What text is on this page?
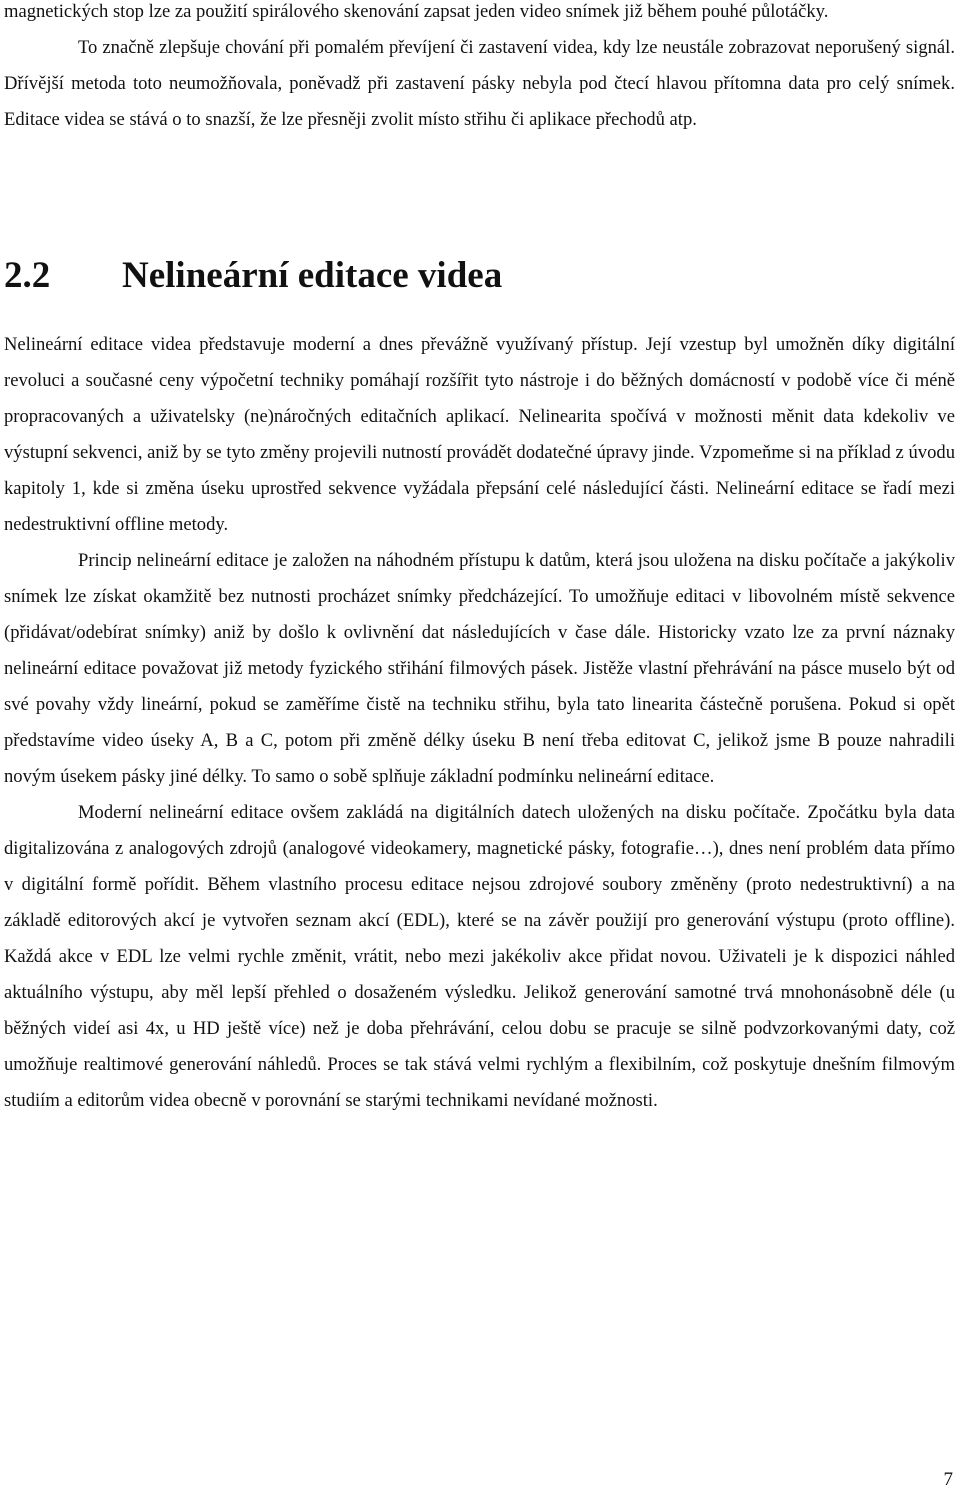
magnetických stop lze za použití spirálového skenování zapsat jeden video snímek již během pouhé půlotáčky.

To značně zlepšuje chování při pomalém převíjení či zastavení videa, kdy lze neustále zobrazovat neporušený signál. Dřívější metoda toto neumožňovala, poněvadž při zastavení pásky nebyla pod čtecí hlavou přítomna data pro celý snímek. Editace videa se stává o to snazší, že lze přesněji zvolit místo střihu či aplikace přechodů atp.

2.2 Nelineární editace videa

Nelineární editace videa představuje moderní a dnes převážně využívaný přístup. Její vzestup byl umožněn díky digitální revoluci a současné ceny výpočetní techniky pomáhají rozšířit tyto nástroje i do běžných domácností v podobě více či méně propracovaných a uživatelsky (ne)náročných editačních aplikací. Nelinearita spočívá v možnosti měnit data kdekoliv ve výstupní sekvenci, aniž by se tyto změny projevili nutností provádět dodatečné úpravy jinde. Vzpomeňme si na příklad z úvodu kapitoly 1, kde si změna úseku uprostřed sekvence vyžádala přepsání celé následující části. Nelineární editace se řadí mezi nedestruktivní offline metody.

Princip nelineární editace je založen na náhodném přístupu k datům, která jsou uložena na disku počítače a jakýkoliv snímek lze získat okamžitě bez nutnosti procházet snímky předcházející. To umožňuje editaci v libovolném místě sekvence (přidávat/odebírat snímky) aniž by došlo k ovlivnění dat následujících v čase dále. Historicky vzato lze za první náznaky nelineární editace považovat již metody fyzického střihání filmových pásek. Jistěže vlastní přehrávání na pásce muselo být od své povahy vždy lineární, pokud se zaměříme čistě na techniku střihu, byla tato linearita částečně porušena. Pokud si opět představíme video úseky A, B a C, potom při změně délky úseku B není třeba editovat C, jelikož jsme B pouze nahradili novým úsekem pásky jiné délky. To samo o sobě splňuje základní podmínku nelineární editace.

Moderní nelineární editace ovšem zakládá na digitálních datech uložených na disku počítače. Zpočátku byla data digitalizována z analogových zdrojů (analogové videokamery, magnetické pásky, fotografie…), dnes není problém data přímo v digitální formě pořídit. Během vlastního procesu editace nejsou zdrojové soubory změněny (proto nedestruktivní) a na základě editorových akcí je vytvořen seznam akcí (EDL), které se na závěr použijí pro generování výstupu (proto offline). Každá akce v EDL lze velmi rychle změnit, vrátit, nebo mezi jakékoliv akce přidat novou. Uživateli je k dispozici náhled aktuálního výstupu, aby měl lepší přehled o dosaženém výsledku. Jelikož generování samotné trvá mnohonásobně déle (u běžných videí asi 4x, u HD ještě více) než je doba přehrávání, celou dobu se pracuje se silně podvzorkovanými daty, což umožňuje realtimové generování náhledů. Proces se tak stává velmi rychlým a flexibilním, což poskytuje dnešním filmovým studiím a editorům videa obecně v porovnání se starými technikami nevídané možnosti.

7
